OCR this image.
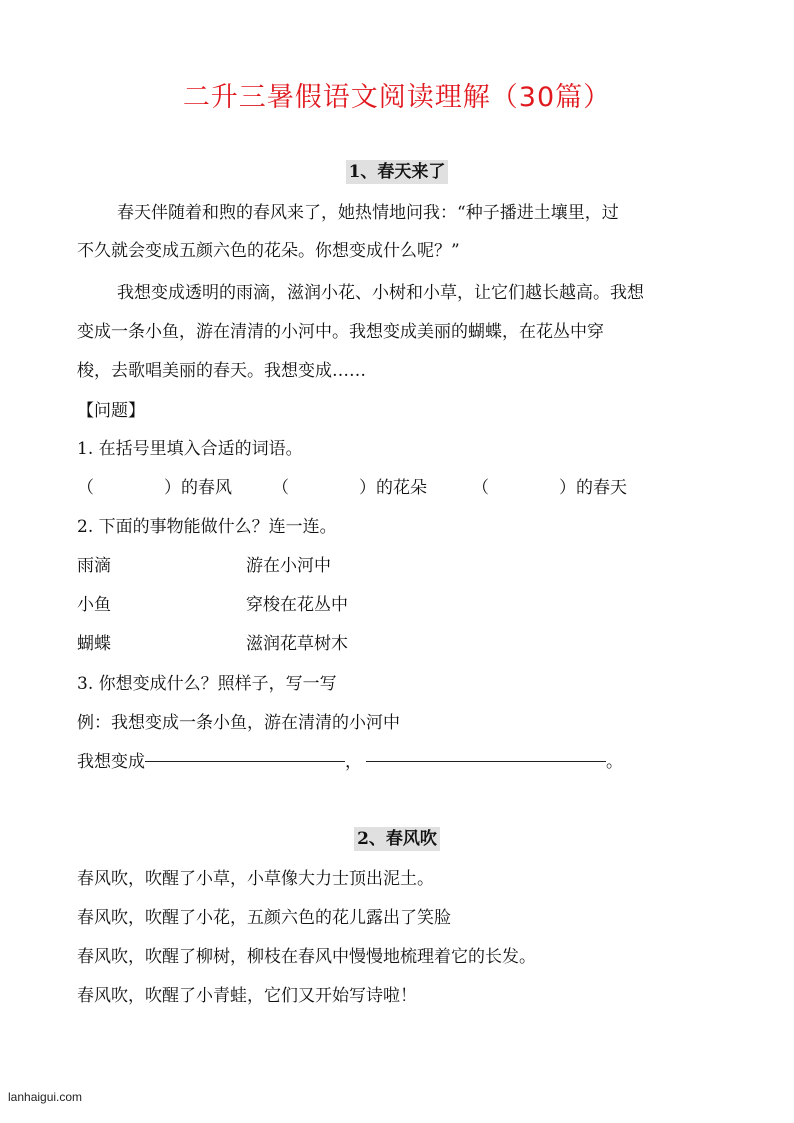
二升三暑假语文阅读理解（30篇）
1、春天来了
春天伴随着和煦的春风来了，她热情地问我：“种子播进土壤里，过
不久就会变成五颜六色的花朵。你想变成什么呢？”
我想变成透明的雨滴，滋润小花、小树和小草，让它们越长越高。我想
变成一条小鱼，游在清清的小河中。我想变成美丽的蝴蝶，在花丛中穿
梭，去歌唱美丽的春天。我想变成……
【问题】
1. 在括号里填入合适的词语。
（	）的春风 （	）的花朵	（	）的春天
2. 下面的事物能做什么？连一连。
雨滴	游在小河中
小鱼	穿梭在花丛中
蝴蝶	滋润花草树木
3. 你想变成什么？照样子，写一写
例：我想变成一条小鱼，游在清清的小河中
我想变成	，	。
2、春风吹
春风吹，吹醒了小草，小草像大力士顶出泥土。
春风吹，吹醒了小花，五颜六色的花儿露出了笑脸
春风吹，吹醒了柳树，柳枝在春风中慢慢地梳理着它的长发。
春风吹，吹醒了小青蛙，它们又开始写诗啦！
lanhaigui.com
